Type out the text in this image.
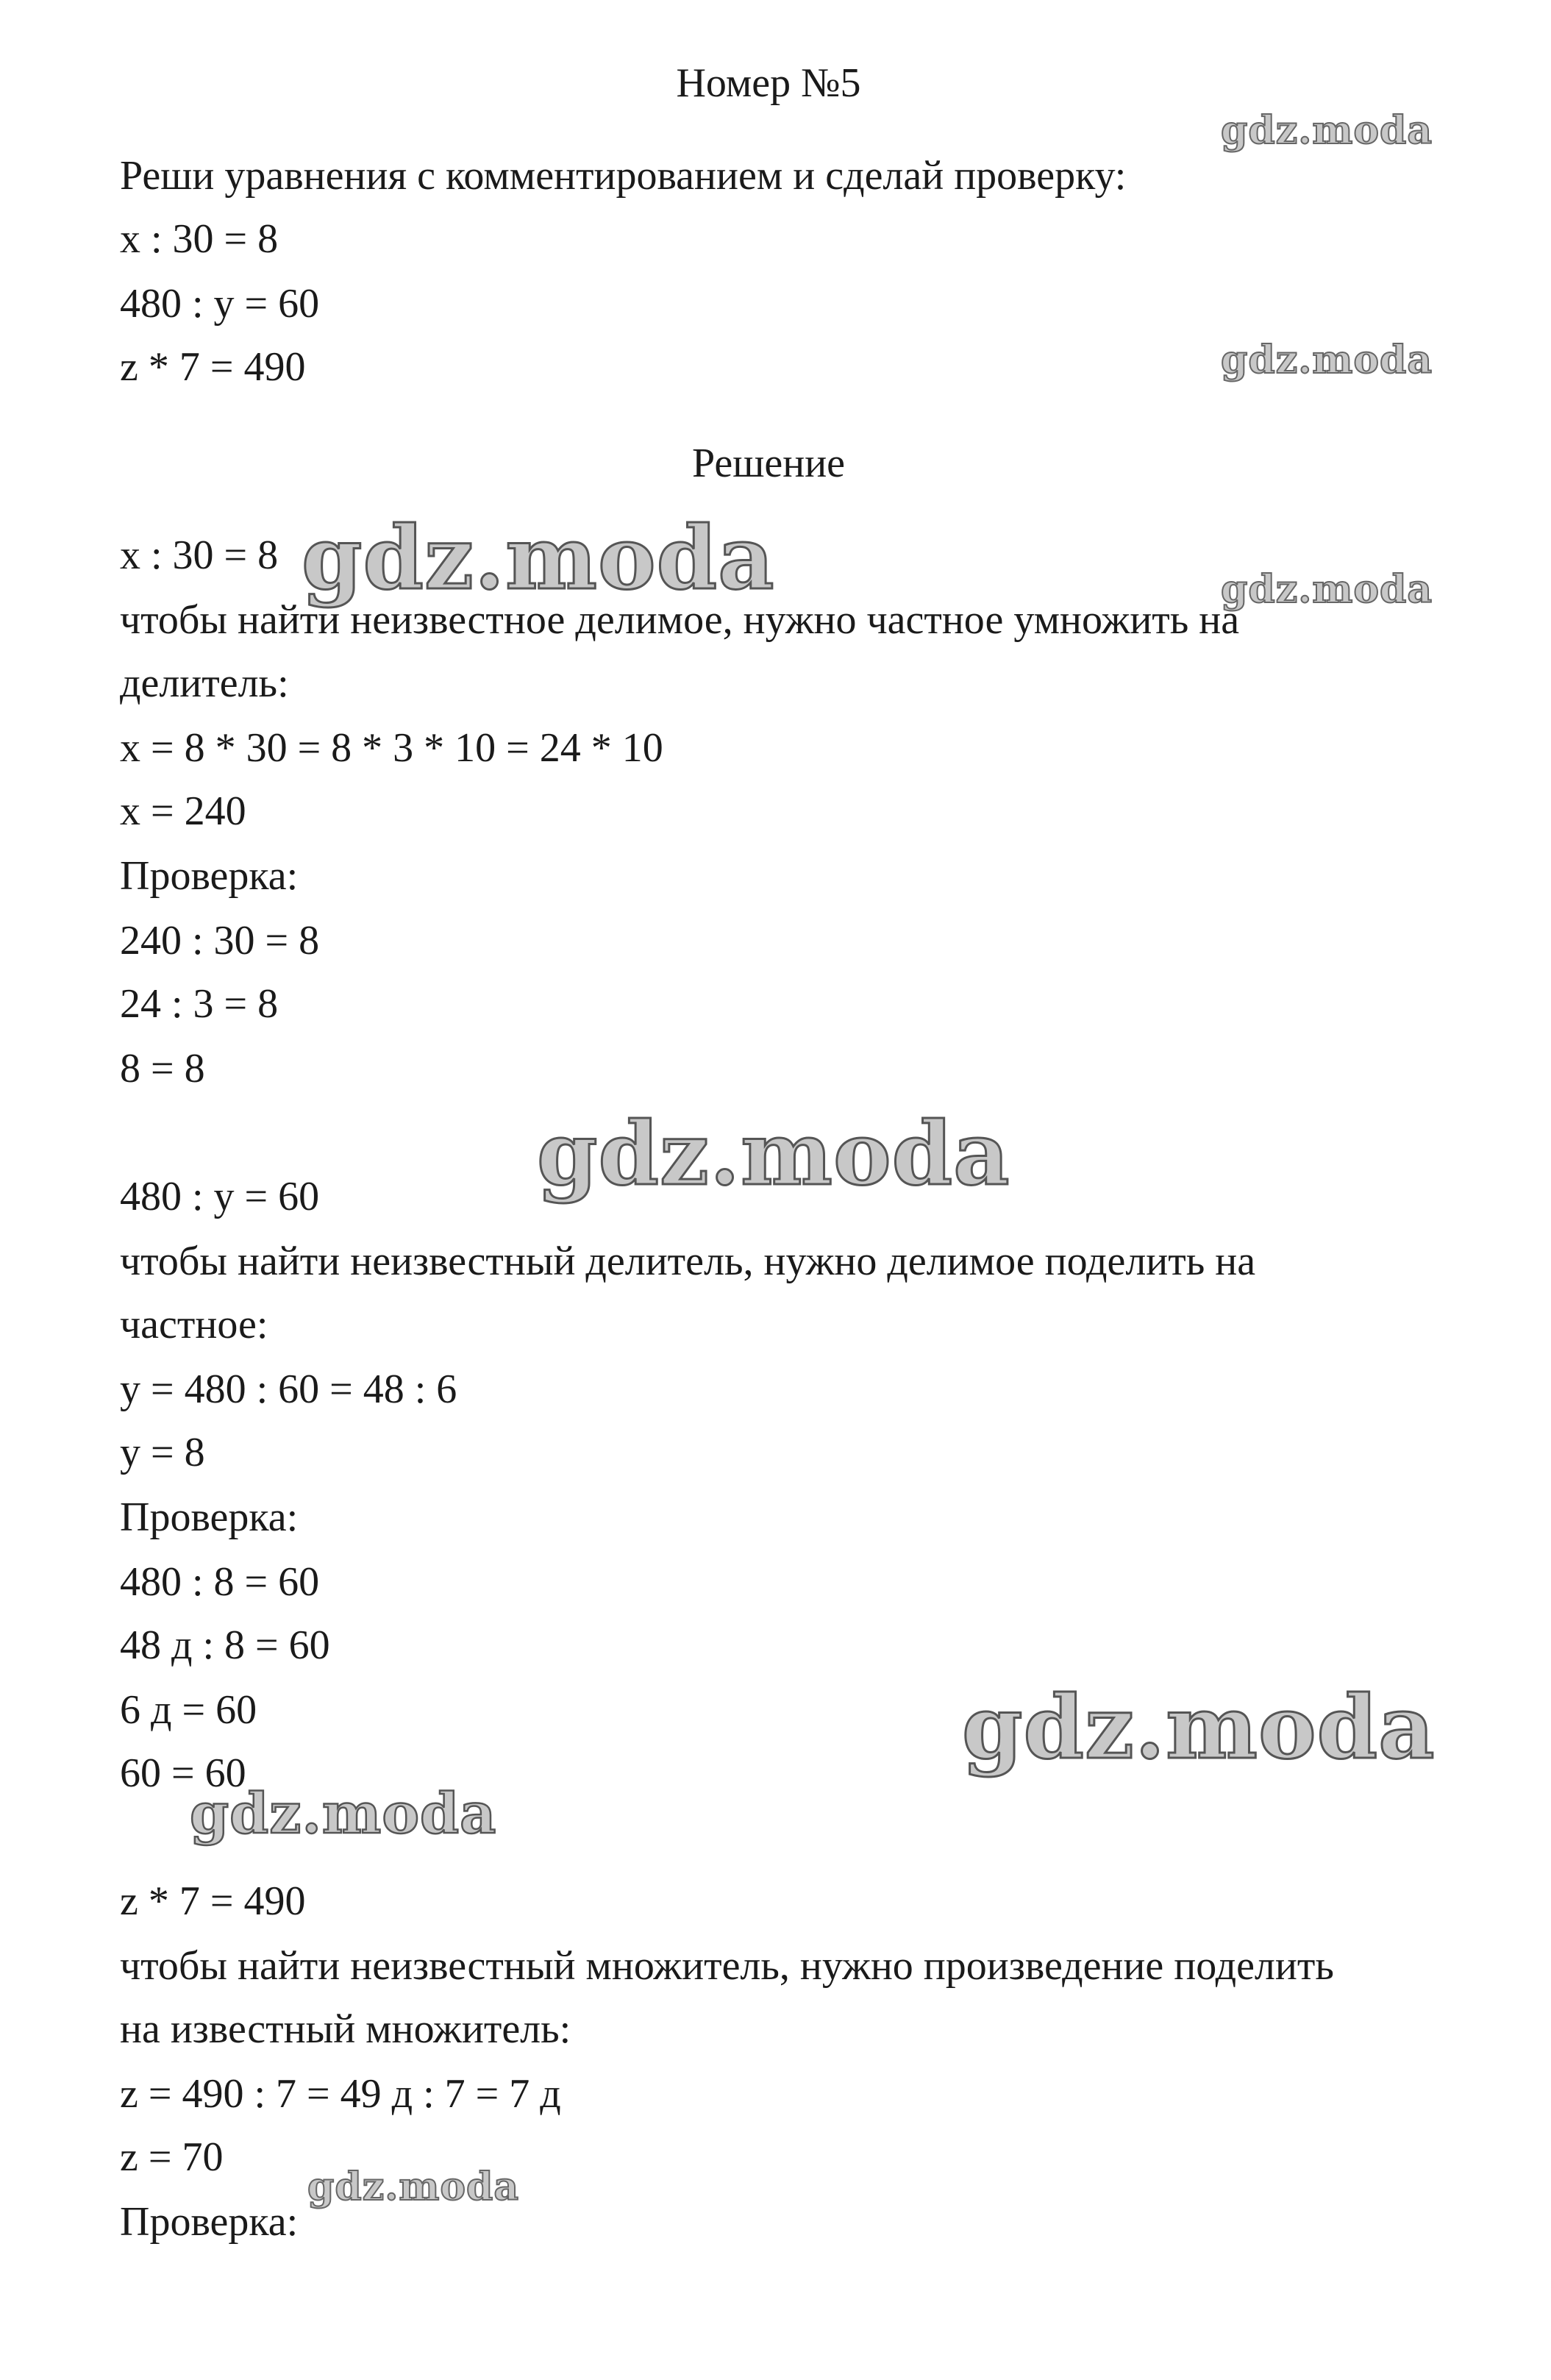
Номер №5
Реши уравнения с комментированием и сделай проверку:
x : 30 = 8
480 : y = 60
z * 7 = 490
Решение
x : 30 = 8
чтобы найти неизвестное делимое, нужно частное умножить на
делитель:
x = 8 * 30 = 8 * 3 * 10 = 24 * 10
x = 240
Проверка:
240 : 30 = 8
24 : 3 = 8
8 = 8
480 : y = 60
чтобы найти неизвестный делитель, нужно делимое поделить на
частное:
y = 480 : 60 = 48 : 6
y = 8
Проверка:
480 : 8 = 60
48 д : 8 = 60
6 д = 60
60 = 60
z * 7 = 490
чтобы найти неизвестный множитель, нужно произведение поделить
на известный множитель:
z = 490 : 7 = 49 д : 7 = 7 д
z = 70
Проверка:
gdz.moda
gdz.moda
gdz.moda
gdz.moda
gdz.moda
gdz.moda
gdz.moda
gdz.moda
